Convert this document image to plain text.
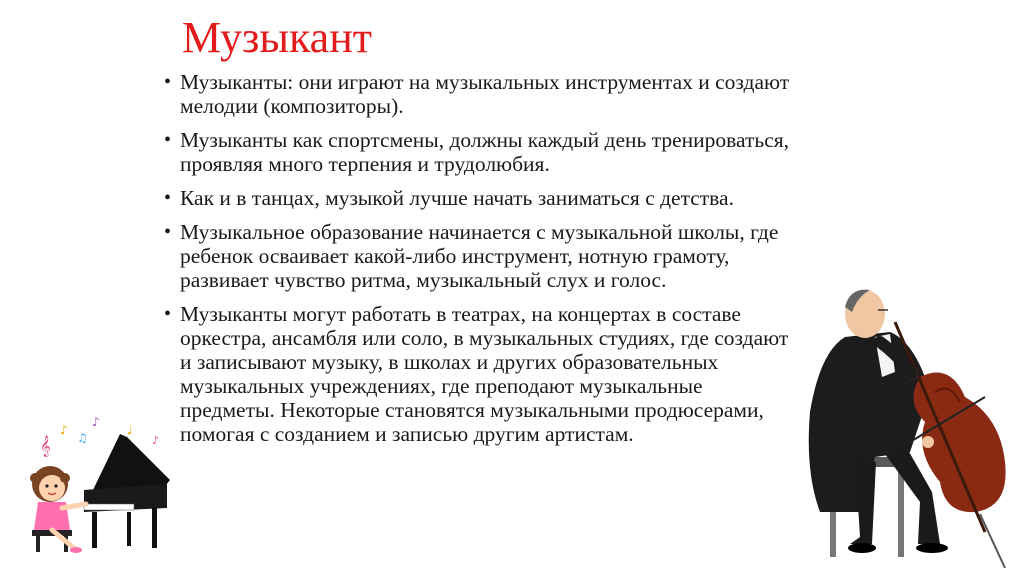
Музыкант
• Музыканты: они играют на музыкальных инструментах и создают мелодии (композиторы).
• Музыканты как спортсмены, должны каждый день тренироваться, проявляя много терпения и трудолюбия.
• Как и в танцах, музыкой лучше начать заниматься с детства.
• Музыкальное образование начинается с музыкальной школы, где ребенок осваивает какой-либо инструмент, нотную грамоту, развивает чувство ритма, музыкальный слух и голос.
• Музыканты могут работать в театрах, на концертах в составе оркестра, ансамбля или соло, в музыкальных студиях, где создают и записывают музыку, в школах и других образовательных музыкальных учреждениях, где преподают музыкальные предметы. Некоторые становятся музыкальными продюсерами, помогая с созданием и записью другим артистам.
𝄞
♪
♫
♪
♩
♪
